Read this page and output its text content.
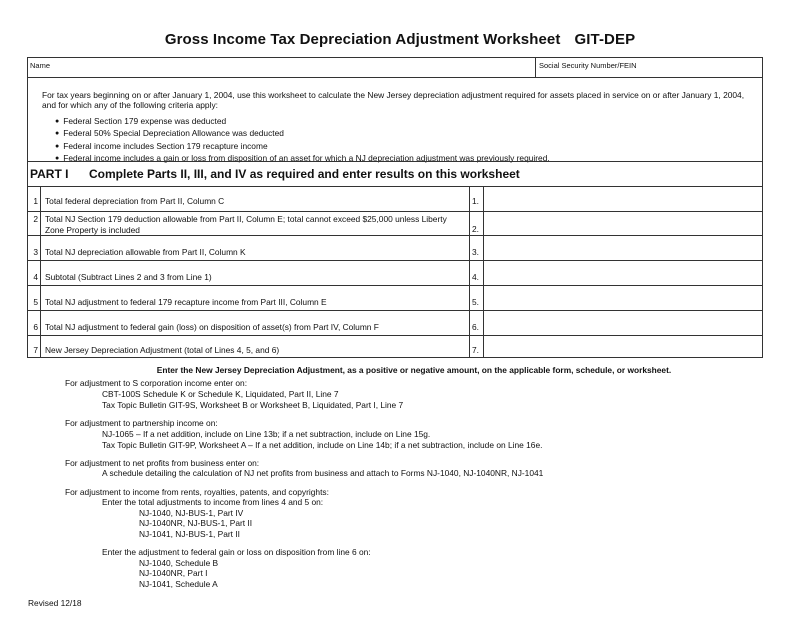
Gross Income Tax Depreciation Adjustment Worksheet GIT-DEP
Name	Social Security Number/FEIN
For tax years beginning on or after January 1, 2004, use this worksheet to calculate the New Jersey depreciation adjustment required for assets placed in service on or after January 1, 2004, and for which any of the following criteria apply:
● Federal Section 179 expense was deducted
● Federal 50% Special Depreciation Allowance was deducted
● Federal income includes Section 179 recapture income
● Federal income includes a gain or loss from disposition of an asset for which a NJ depreciation adjustment was previously required.
PART I Complete Parts II, III, and IV as required and enter results on this worksheet
1 Total federal depreciation from Part II, Column C	1.
2 Total NJ Section 179 deduction allowable from Part II, Column E; total cannot exceed $25,000 unless Liberty Zone Property is included	2.
3 Total NJ depreciation allowable from Part II, Column K	3.
4 Subtotal (Subtract Lines 2 and 3 from Line 1)	4.
5 Total NJ adjustment to federal 179 recapture income from Part III, Column E	5.
6 Total NJ adjustment to federal gain (loss) on disposition of asset(s) from Part IV, Column F	6.
7 New Jersey Depreciation Adjustment (total of Lines 4, 5, and 6)	7.
Enter the New Jersey Depreciation Adjustment, as a positive or negative amount, on the applicable form, schedule, or worksheet.
For adjustment to S corporation income enter on:
CBT-100S Schedule K or Schedule K, Liquidated, Part II, Line 7
Tax Topic Bulletin GIT-9S, Worksheet B or Worksheet B, Liquidated, Part I, Line 7
For adjustment to partnership income on:
NJ-1065 – If a net addition, include on Line 13b; if a net subtraction, include on Line 15g.
Tax Topic Bulletin GIT-9P, Worksheet A – If a net addition, include on Line 14b; if a net subtraction, include on Line 16e.
For adjustment to net profits from business enter on:
A schedule detailing the calculation of NJ net profits from business and attach to Forms NJ-1040, NJ-1040NR, NJ-1041
For adjustment to income from rents, royalties, patents, and copyrights:
Enter the total adjustments to income from lines 4 and 5 on:
NJ-1040, NJ-BUS-1, Part IV
NJ-1040NR, NJ-BUS-1, Part II
NJ-1041, NJ-BUS-1, Part II
Enter the adjustment to federal gain or loss on disposition from line 6 on:
NJ-1040, Schedule B
NJ-1040NR, Part I
NJ-1041, Schedule A
Revised 12/18
